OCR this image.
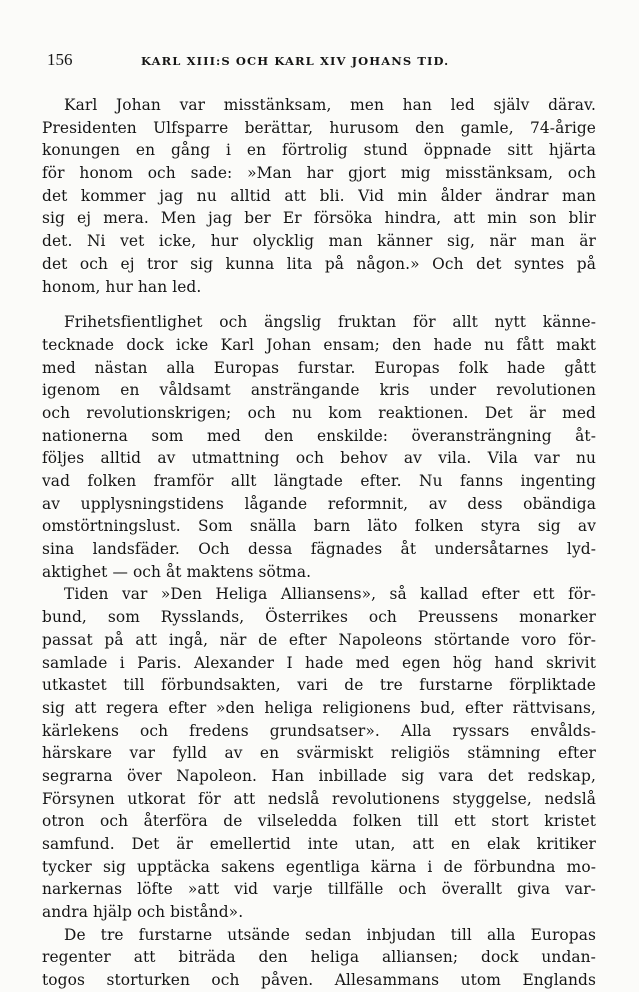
156	KARL XIII:S OCH KARL XIV JOHANS TID.
Karl Johan var misstänksam, men han led själv därav.
Presidenten Ulfsparre berättar, hurusom den gamle, 74-årige
konungen en gång i en förtrolig stund öppnade sitt hjärta
för honom och sade: »Man har gjort mig misstänksam, och
det kommer jag nu alltid att bli. Vid min ålder ändrar man
sig ej mera. Men jag ber Er försöka hindra, att min son blir
det. Ni vet icke, hur olycklig man känner sig, när man är
det och ej tror sig kunna lita på någon.» Och det syntes på
honom, hur han led.
Frihetsfientlighet och ängslig fruktan för allt nytt känne-
tecknade dock icke Karl Johan ensam; den hade nu fått makt
med nästan alla Europas furstar. Europas folk hade gått
igenom en våldsamt ansträngande kris under revolutionen
och revolutionskrigen; och nu kom reaktionen. Det är med
nationerna som med den enskilde: överansträngning åt-
följes alltid av utmattning och behov av vila. Vila var nu
vad folken framför allt längtade efter. Nu fanns ingenting
av upplysningstidens lågande reformnit, av dess obändiga
omstörtningslust. Som snälla barn läto folken styra sig av
sina landsfäder. Och dessa fägnades åt undersåtarnes lyd-
aktighet — och åt maktens sötma.
Tiden var »Den Heliga Alliansens», så kallad efter ett för-
bund, som Rysslands, Österrikes och Preussens monarker
passat på att ingå, när de efter Napoleons störtande voro för-
samlade i Paris. Alexander I hade med egen hög hand skrivit
utkastet till förbundsakten, vari de tre furstarne förpliktade
sig att regera efter »den heliga religionens bud, efter rättvisans,
kärlekens och fredens grundsatser». Alla ryssars envålds-
härskare var fylld av en svärmiskt religiös stämning efter
segrarna över Napoleon. Han inbillade sig vara det redskap,
Försynen utkorat för att nedslå revolutionens styggelse, nedslå
otron och återföra de vilseledda folken till ett stort kristet
samfund. Det är emellertid inte utan, att en elak kritiker
tycker sig upptäcka sakens egentliga kärna i de förbundna mo-
narkernas löfte »att vid varje tillfälle och överallt giva var-
andra hjälp och bistånd».
De tre furstarne utsände sedan inbjudan till alla Europas
regenter att biträda den heliga alliansen; dock undan-
togos storturken och påven. Allesammans utom Englands
